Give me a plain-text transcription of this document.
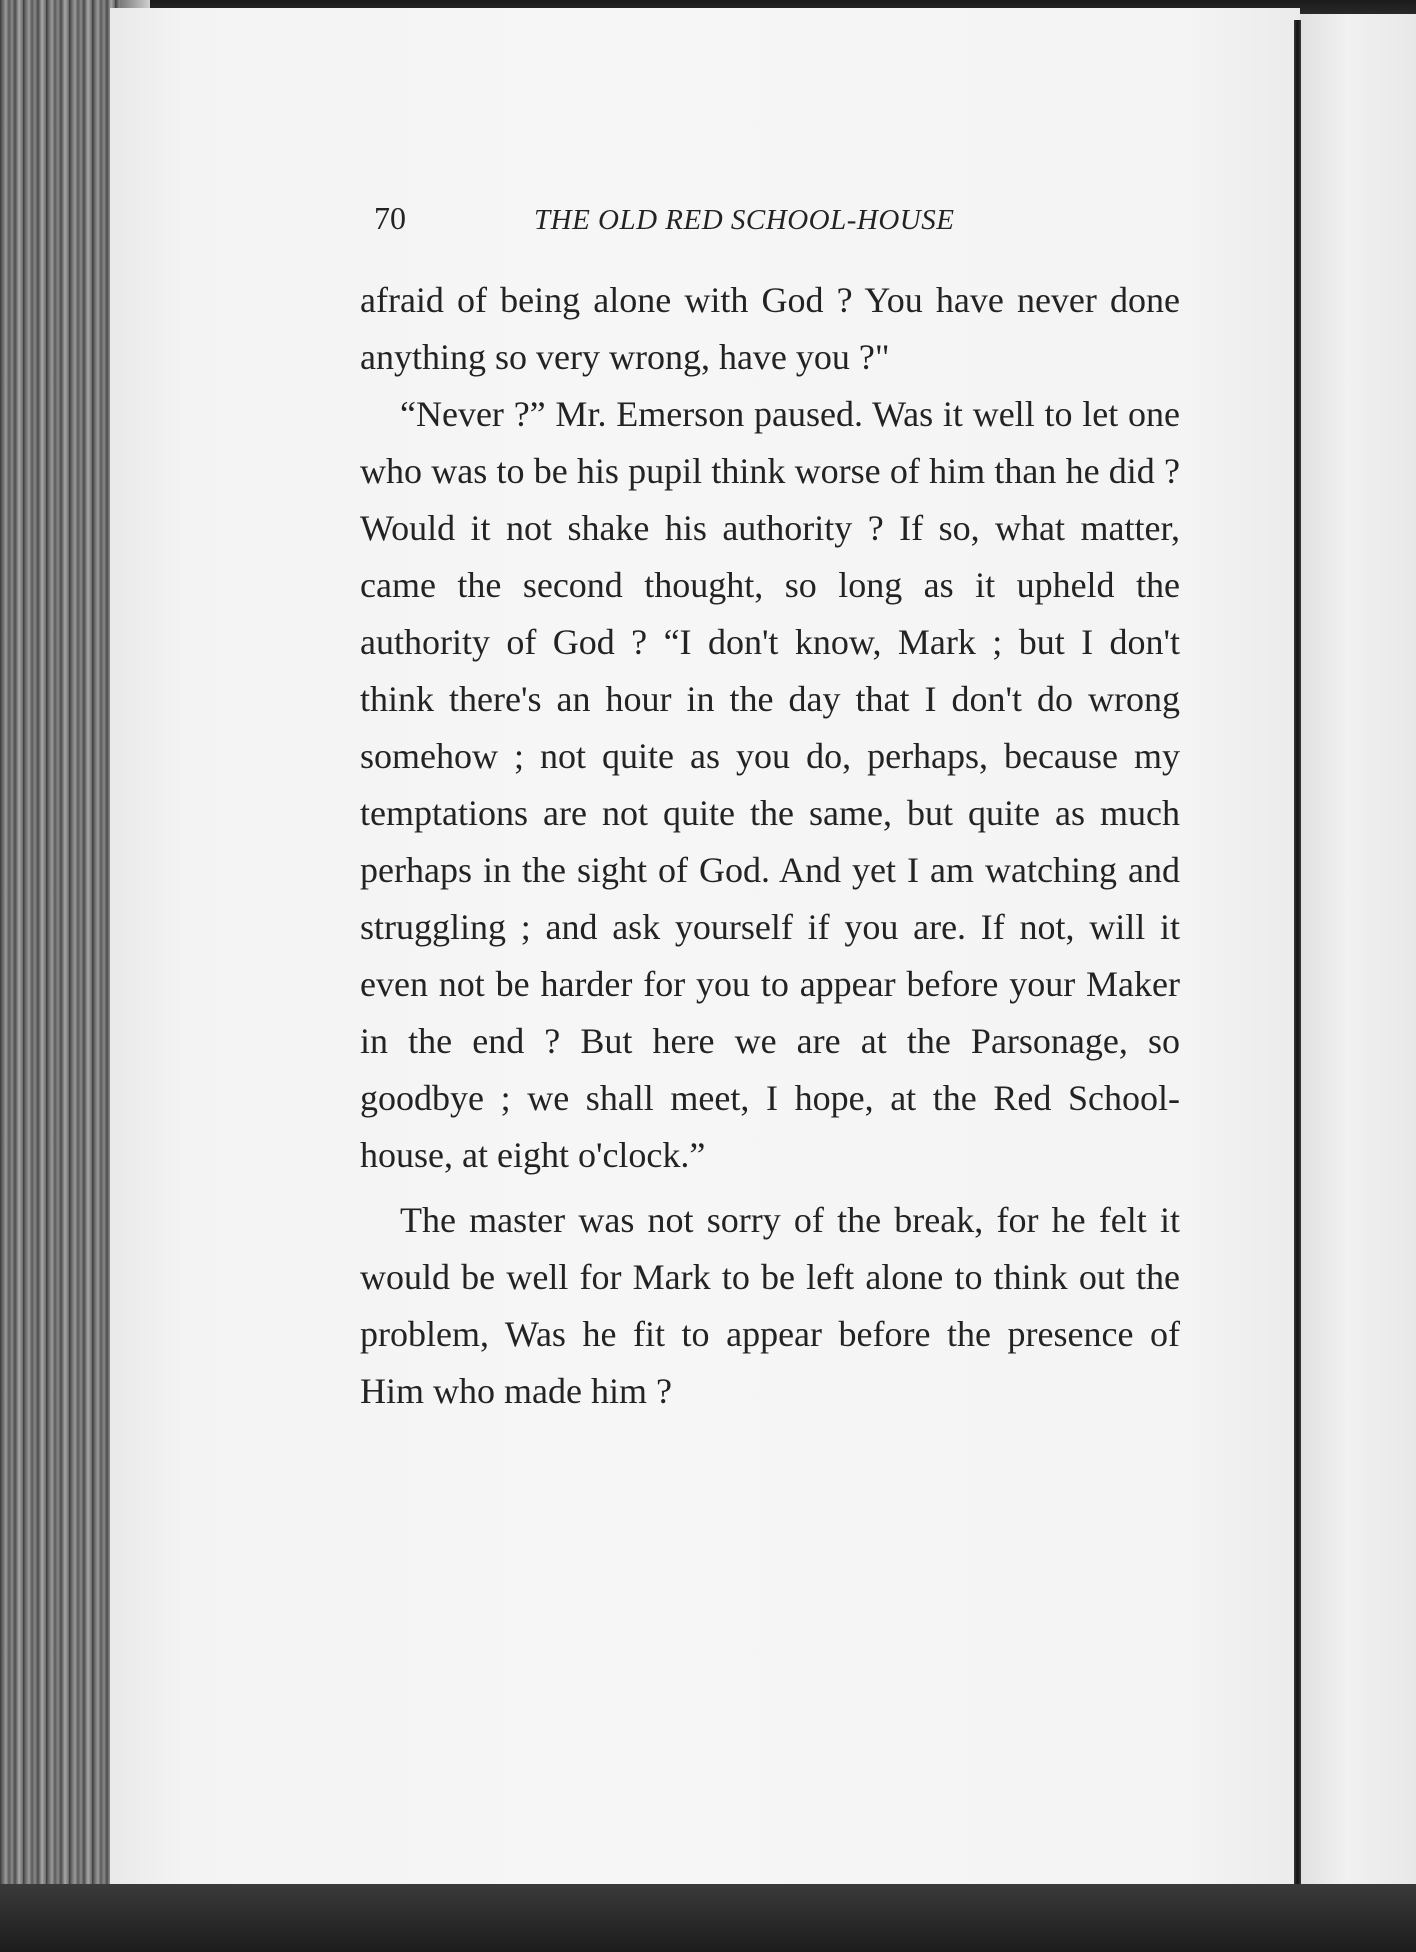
70	THE OLD RED SCHOOL-HOUSE

afraid of being alone with God ? You have never done anything so very wrong, have you ?"

“Never ?” Mr. Emerson paused. Was it well to let one who was to be his pupil think worse of him than he did ? Would it not shake his authority ? If so, what matter, came the second thought, so long as it upheld the authority of God ? “I don't know, Mark ; but I don't think there's an hour in the day that I don't do wrong somehow ; not quite as you do, perhaps, because my temptations are not quite the same, but quite as much perhaps in the sight of God. And yet I am watching and struggling ; and ask yourself if you are. If not, will it even not be harder for you to appear before your Maker in the end ? But here we are at the Parsonage, so goodbye ; we shall meet, I hope, at the Red School-house, at eight o'clock.”

The master was not sorry of the break, for he felt it would be well for Mark to be left alone to think out the problem, Was he fit to appear before the presence of Him who made him ?
